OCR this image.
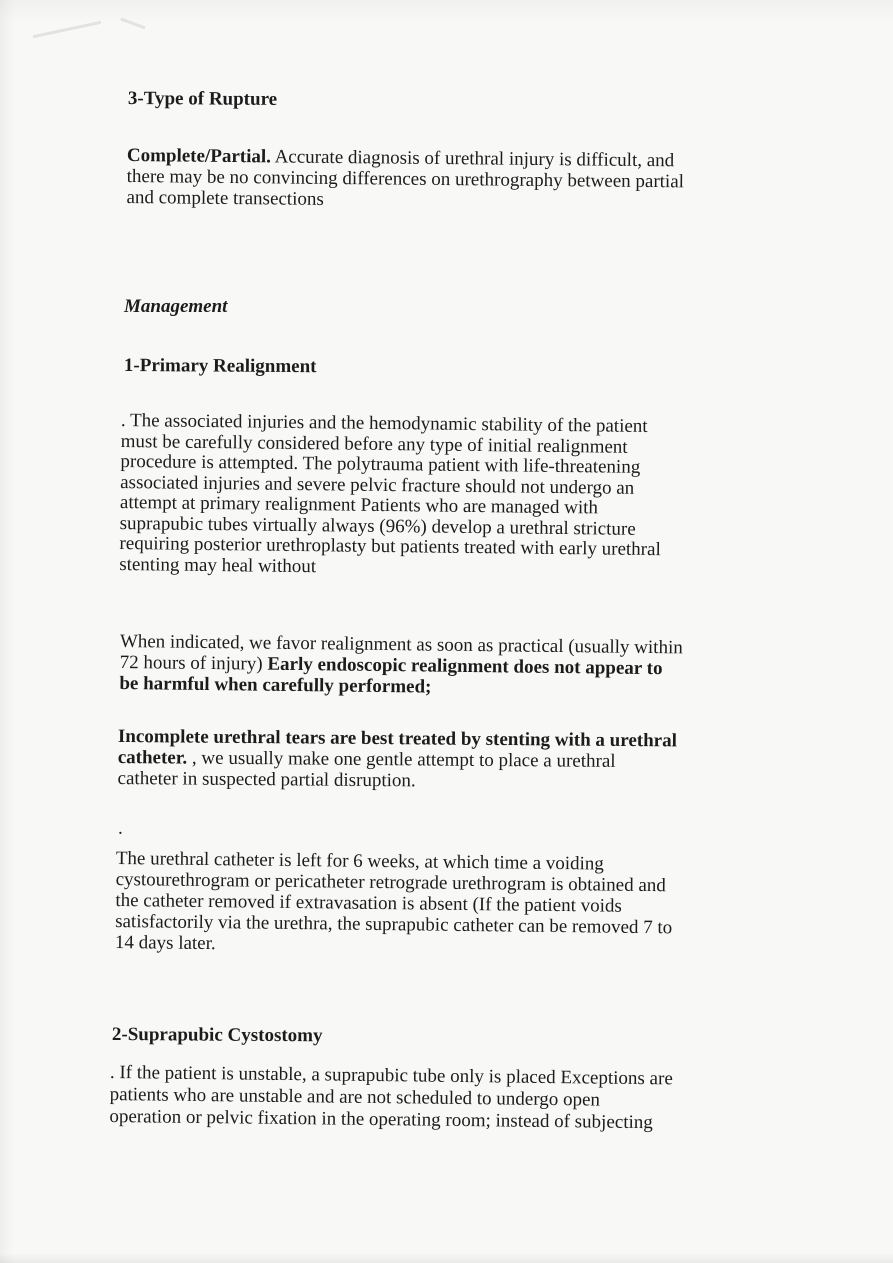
3-Type of Rupture
Complete/Partial. Accurate diagnosis of urethral injury is difficult, and
there may be no convincing differences on urethrography between partial
and complete transections
Management
1-Primary Realignment
. The associated injuries and the hemodynamic stability of the patient
must be carefully considered before any type of initial realignment
procedure is attempted. The polytrauma patient with life-threatening
associated injuries and severe pelvic fracture should not undergo an
attempt at primary realignment Patients who are managed with
suprapubic tubes virtually always (96%) develop a urethral stricture
requiring posterior urethroplasty but patients treated with early urethral
stenting may heal without
When indicated, we favor realignment as soon as practical (usually within
72 hours of injury) Early endoscopic realignment does not appear to
be harmful when carefully performed;
Incomplete urethral tears are best treated by stenting with a urethral
catheter. , we usually make one gentle attempt to place a urethral
catheter in suspected partial disruption.
.
The urethral catheter is left for 6 weeks, at which time a voiding
cystourethrogram or pericatheter retrograde urethrogram is obtained and
the catheter removed if extravasation is absent (If the patient voids
satisfactorily via the urethra, the suprapubic catheter can be removed 7 to
14 days later.
2-Suprapubic Cystostomy
. If the patient is unstable, a suprapubic tube only is placed Exceptions are
patients who are unstable and are not scheduled to undergo open
operation or pelvic fixation in the operating room; instead of subjecting
